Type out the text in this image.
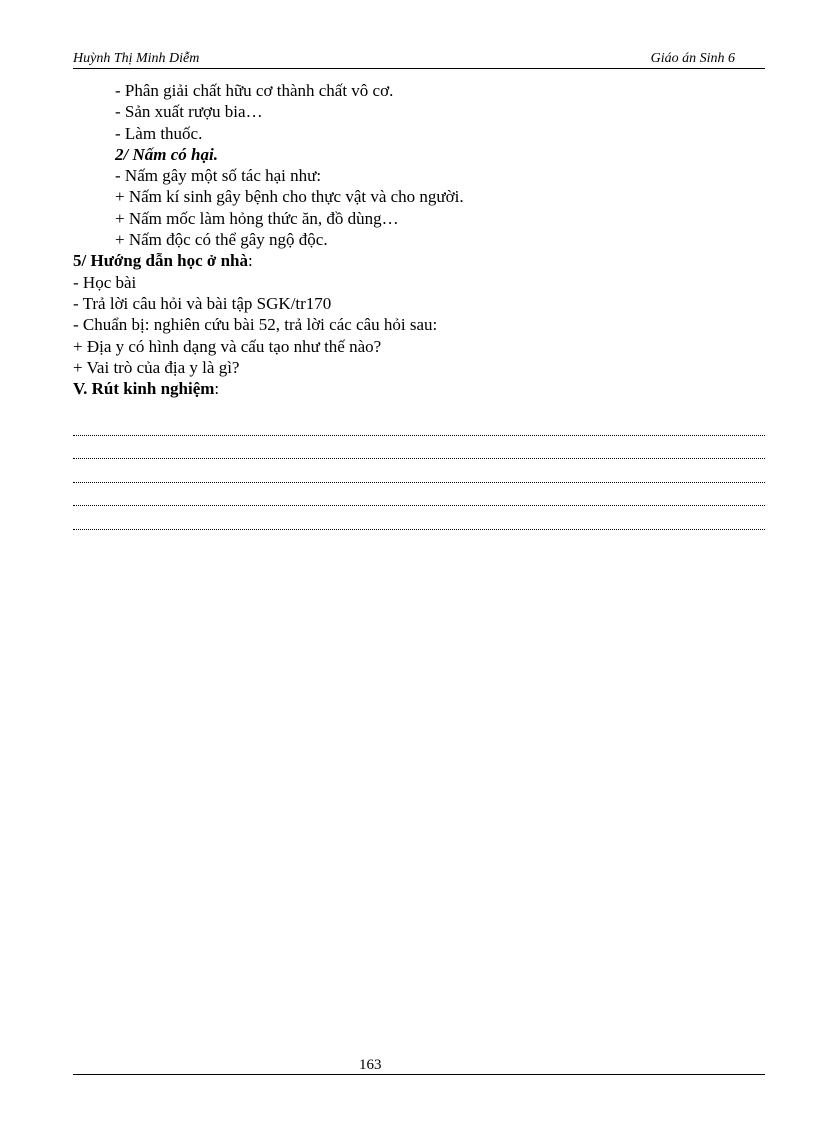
Huỳnh Thị Minh Diễm	Giáo án Sinh 6
- Phân giải chất hữu cơ thành chất vô cơ.
- Sản xuất rượu bia…
- Làm thuốc.
2/ Nấm có hại.
- Nấm gây một số tác hại như:
+ Nấm kí sinh gây bệnh cho thực vật và cho người.
+ Nấm mốc làm hỏng thức ăn, đồ dùng…
+ Nấm độc có thể gây ngộ độc.
5/ Hướng dẫn học ở nhà:
- Học bài
- Trả lời câu hỏi và bài tập SGK/tr170
- Chuẩn bị: nghiên cứu bài 52, trả lời các câu hỏi sau:
+ Địa y có hình dạng và cấu tạo như thế nào?
+ Vai trò của địa y là gì?
V. Rút kinh nghiệm:
163
